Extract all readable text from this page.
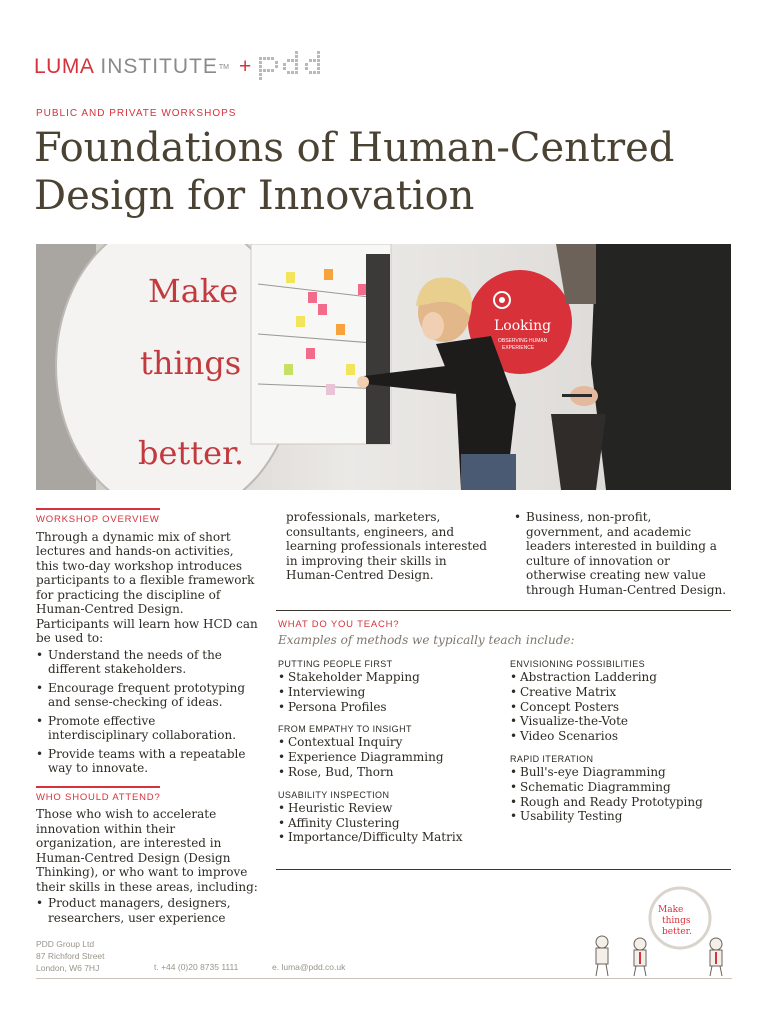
LUMA INSTITUTE TM +
PUBLIC AND PRIVATE WORKSHOPS
Foundations of Human-Centred Design for Innovation
Make
things
better.
Looking
OBSERVING HUMAN
EXPERIENCE
WORKSHOP OVERVIEW

Through a dynamic mix of short lectures and hands-on activities, this two-day workshop introduces participants to a flexible framework for practicing the discipline of Human-Centred Design. Participants will learn how HCD can be used to:

• Understand the needs of the different stakeholders.
• Encourage frequent prototyping and sense-checking of ideas.
• Promote effective interdisciplinary collaboration.
• Provide teams with a repeatable way to innovate.
WHO SHOULD ATTEND?

Those who wish to accelerate innovation within their organization, are interested in Human-Centred Design (Design Thinking), or who want to improve their skills in these areas, including:

• Product managers, designers, researchers, user experience

professionals, marketers, consultants, engineers, and learning professionals interested in improving their skills in Human-Centred Design.

• Business, non-profit, government, and academic leaders interested in building a culture of innovation or otherwise creating new value through Human-Centred Design.
WHAT DO YOU TEACH?
Examples of methods we typically teach include:
PUTTING PEOPLE FIRST
• Stakeholder Mapping
• Interviewing
• Persona Profiles
FROM EMPATHY TO INSIGHT
• Contextual Inquiry
• Experience Diagramming
• Rose, Bud, Thorn
USABILITY INSPECTION
• Heuristic Review
• Affinity Clustering
• Importance/Difficulty Matrix
ENVISIONING POSSIBILITIES
• Abstraction Laddering
• Creative Matrix
• Concept Posters
• Visualize-the-Vote
• Video Scenarios
RAPID ITERATION
• Bull's-eye Diagramming
• Schematic Diagramming
• Rough and Ready Prototyping
• Usability Testing
PDD Group Ltd
87 Richford Street
London, W6 7HJ	t. +44 (0)20 8735 1111	e. luma@pdd.co.uk
Make
things
better.
